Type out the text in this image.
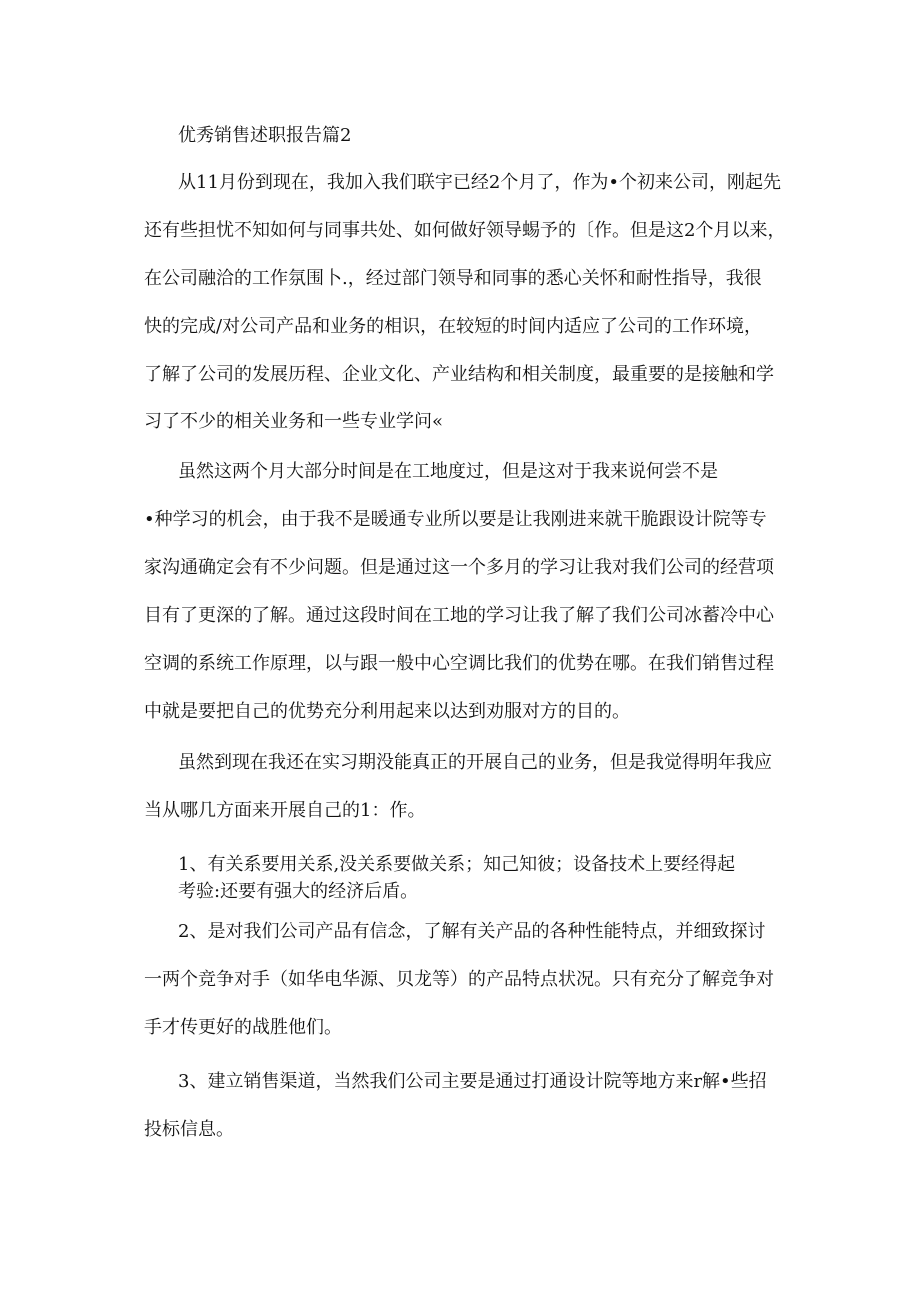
优秀销售述职报告篇2
从11月份到现在，我加入我们联宇已经2个月了，作为•个初来公司，刚起先
还有些担忧不知如何与同事共处、如何做好领导蜴予的〔作。但是这2个月以来，
在公司融洽的工作氛围卜.，经过部门领导和同事的悉心关怀和耐性指导，我很
快的完成/对公司产品和业务的相识，在较短的时间内适应了公司的工作环境，
了解了公司的发展历程、企业文化、产业结构和相关制度，最重要的是接触和学
习了不少的相关业务和一些专业学问«
虽然这两个月大部分时间是在工地度过，但是这对于我来说何尝不是
•种学习的机会，由于我不是暖通专业所以要是让我刚进来就干脆跟设计院等专
家沟通确定会有不少问题。但是通过这一个多月的学习让我对我们公司的经营项
目有了更深的了解。通过这段时间在工地的学习让我了解了我们公司冰蓄冷中心
空调的系统工作原理，以与跟一般中心空调比我们的优势在哪。在我们销售过程
中就是要把自己的优势充分利用起来以达到劝服对方的目的。
虽然到现在我还在实习期没能真正的开展自己的业务，但是我觉得明年我应
当从哪几方面来开展自己的1：作。
1、有关系要用关系,没关系要做关系；知己知彼；设备技术上要经得起
考验:还要有强大的经济后盾。
2、是对我们公司产品有信念，了解有关产品的各种性能特点，并细致探讨
一两个竞争对手（如华电华源、贝龙等）的产品特点状况。只有充分了解竞争对
手才传更好的战胜他们。
3、建立销售渠道，当然我们公司主要是通过打通设计院等地方来r解•些招
投标信息。
